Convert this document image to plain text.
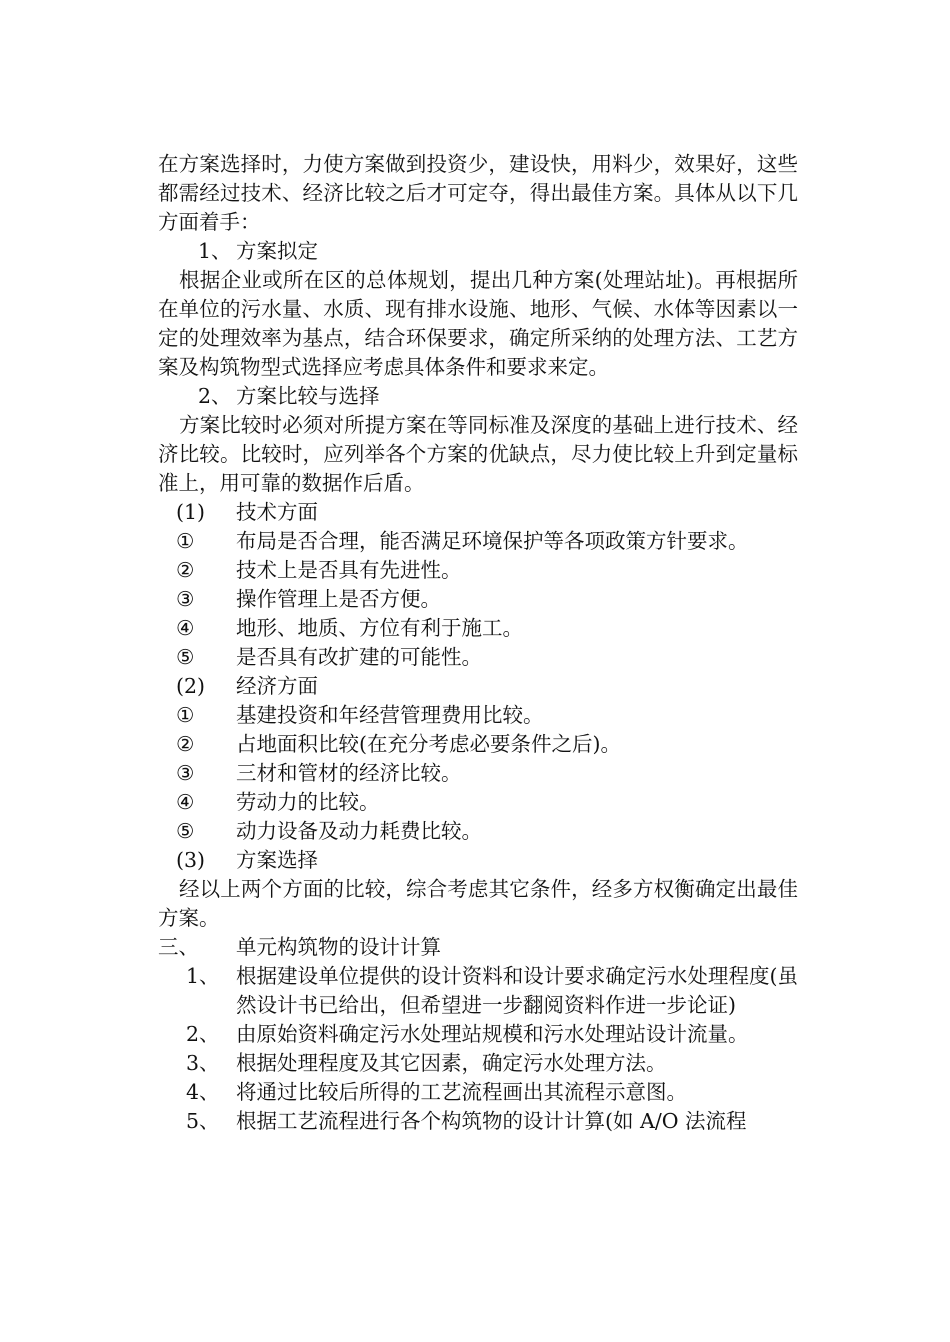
在方案选择时，力使方案做到投资少，建设快，用料少，效果好，这些都需经过技术、经济比较之后才可定夺，得出最佳方案。具体从以下几方面着手：

1、 方案拟定

根据企业或所在区的总体规划，提出几种方案(处理站址)。再根据所在单位的污水量、水质、现有排水设施、地形、气候、水体等因素以一定的处理效率为基点，结合环保要求，确定所采纳的处理方法、工艺方案及构筑物型式选择应考虑具体条件和要求来定。

2、 方案比较与选择

方案比较时必须对所提方案在等同标准及深度的基础上进行技术、经济比较。比较时，应列举各个方案的优缺点，尽力使比较上升到定量标准上，用可靠的数据作后盾。

(1)	技术方面
①	布局是否合理，能否满足环境保护等各项政策方针要求。
②	技术上是否具有先进性。
③	操作管理上是否方便。
④	地形、地质、方位有利于施工。
⑤	是否具有改扩建的可能性。
(2)	经济方面
①	基建投资和年经营管理费用比较。
②	占地面积比较(在充分考虑必要条件之后)。
③	三材和管材的经济比较。
④	劳动力的比较。
⑤	动力设备及动力耗费比较。
(3)	方案选择

经以上两个方面的比较，综合考虑其它条件，经多方权衡确定出最佳方案。

三、	单元构筑物的设计计算
1、 根据建设单位提供的设计资料和设计要求确定污水处理程度(虽然设计书已给出，但希望进一步翻阅资料作进一步论证)
2、 由原始资料确定污水处理站规模和污水处理站设计流量。
3、 根据处理程度及其它因素，确定污水处理方法。
4、 将通过比较后所得的工艺流程画出其流程示意图。
5、 根据工艺流程进行各个构筑物的设计计算(如 A/O 法流程
